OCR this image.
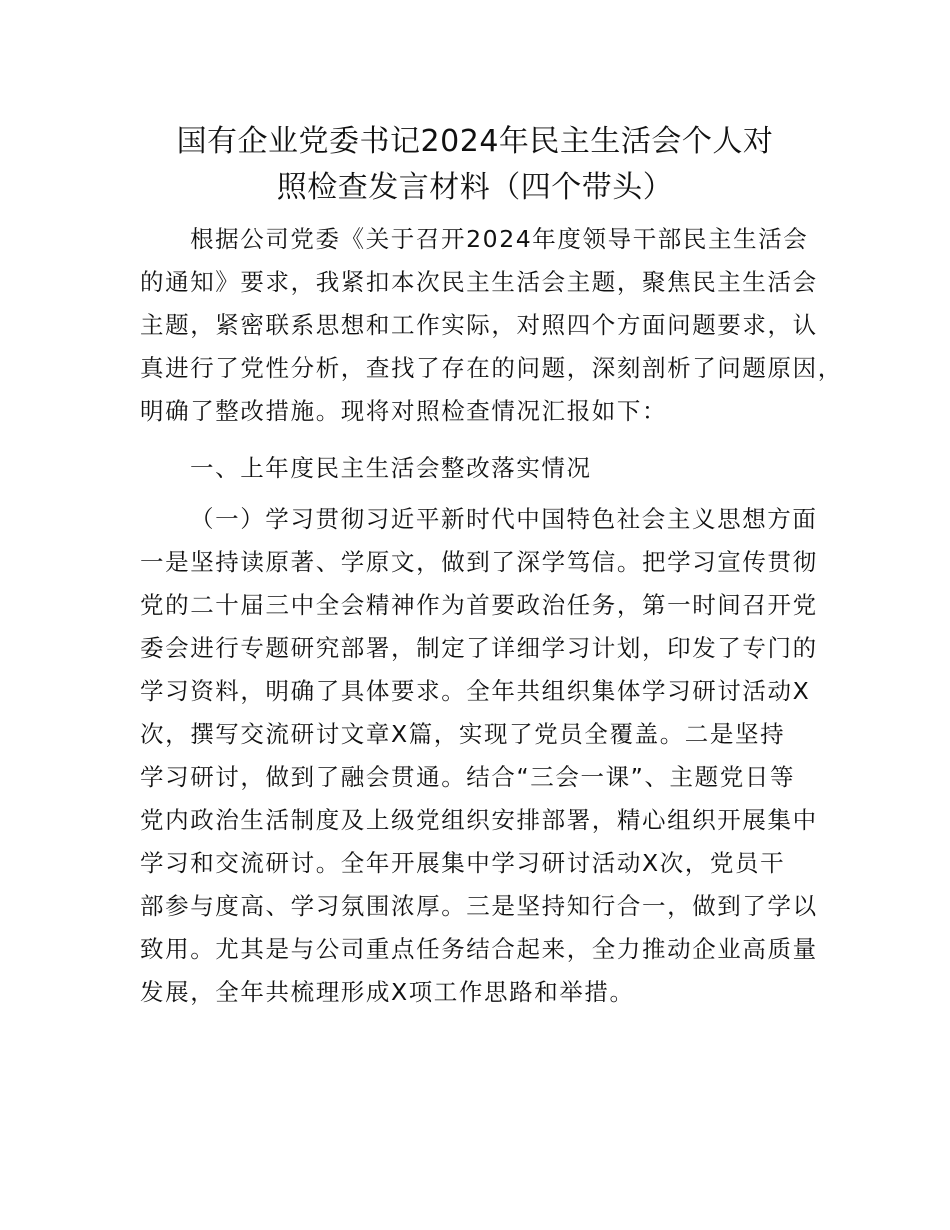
国有企业党委书记2024年民主生活会个人对
照检查发言材料（四个带头）
根据公司党委《关于召开2024年度领导干部民主生活会
的通知》要求，我紧扣本次民主生活会主题，聚焦民主生活会
主题，紧密联系思想和工作实际，对照四个方面问题要求，认
真进行了党性分析，查找了存在的问题，深刻剖析了问题原因，
明确了整改措施。现将对照检查情况汇报如下：
一、上年度民主生活会整改落实情况
（一）学习贯彻习近平新时代中国特色社会主义思想方面
一是坚持读原著、学原文，做到了深学笃信。把学习宣传贯彻
党的二十届三中全会精神作为首要政治任务，第一时间召开党
委会进行专题研究部署，制定了详细学习计划，印发了专门的
学习资料，明确了具体要求。全年共组织集体学习研讨活动X
次，撰写交流研讨文章X篇，实现了党员全覆盖。二是坚持
学习研讨，做到了融会贯通。结合“三会一课”、主题党日等
党内政治生活制度及上级党组织安排部署，精心组织开展集中
学习和交流研讨。全年开展集中学习研讨活动X次，党员干
部参与度高、学习氛围浓厚。三是坚持知行合一，做到了学以
致用。尤其是与公司重点任务结合起来，全力推动企业高质量
发展，全年共梳理形成X项工作思路和举措。
